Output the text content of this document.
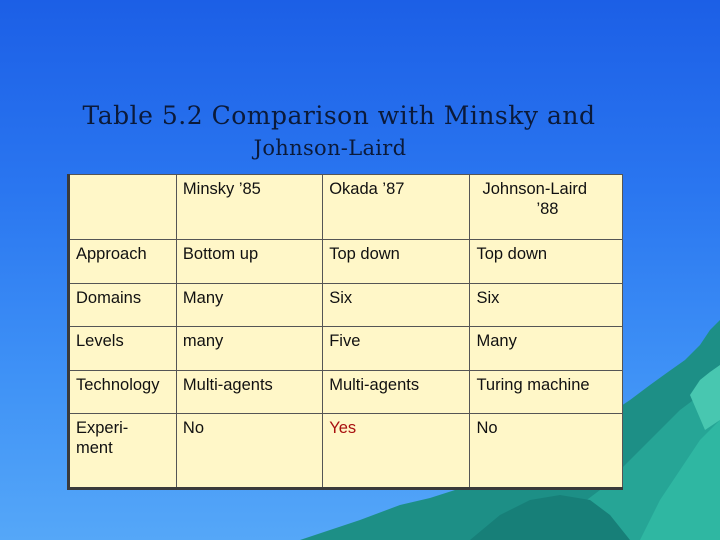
Table 5.2 Comparison with Minsky and
Johnson-Laird
	Minsky ’85	Okada ’87	Johnson-Laird
’88

Approach	Bottom up	Top down	Top down
Domains	Many	Six	Six
Levels	many	Five	Many
Technology	Multi-agents	Multi-agents	Turing machine

Experi-
ment	No	Yes	No
